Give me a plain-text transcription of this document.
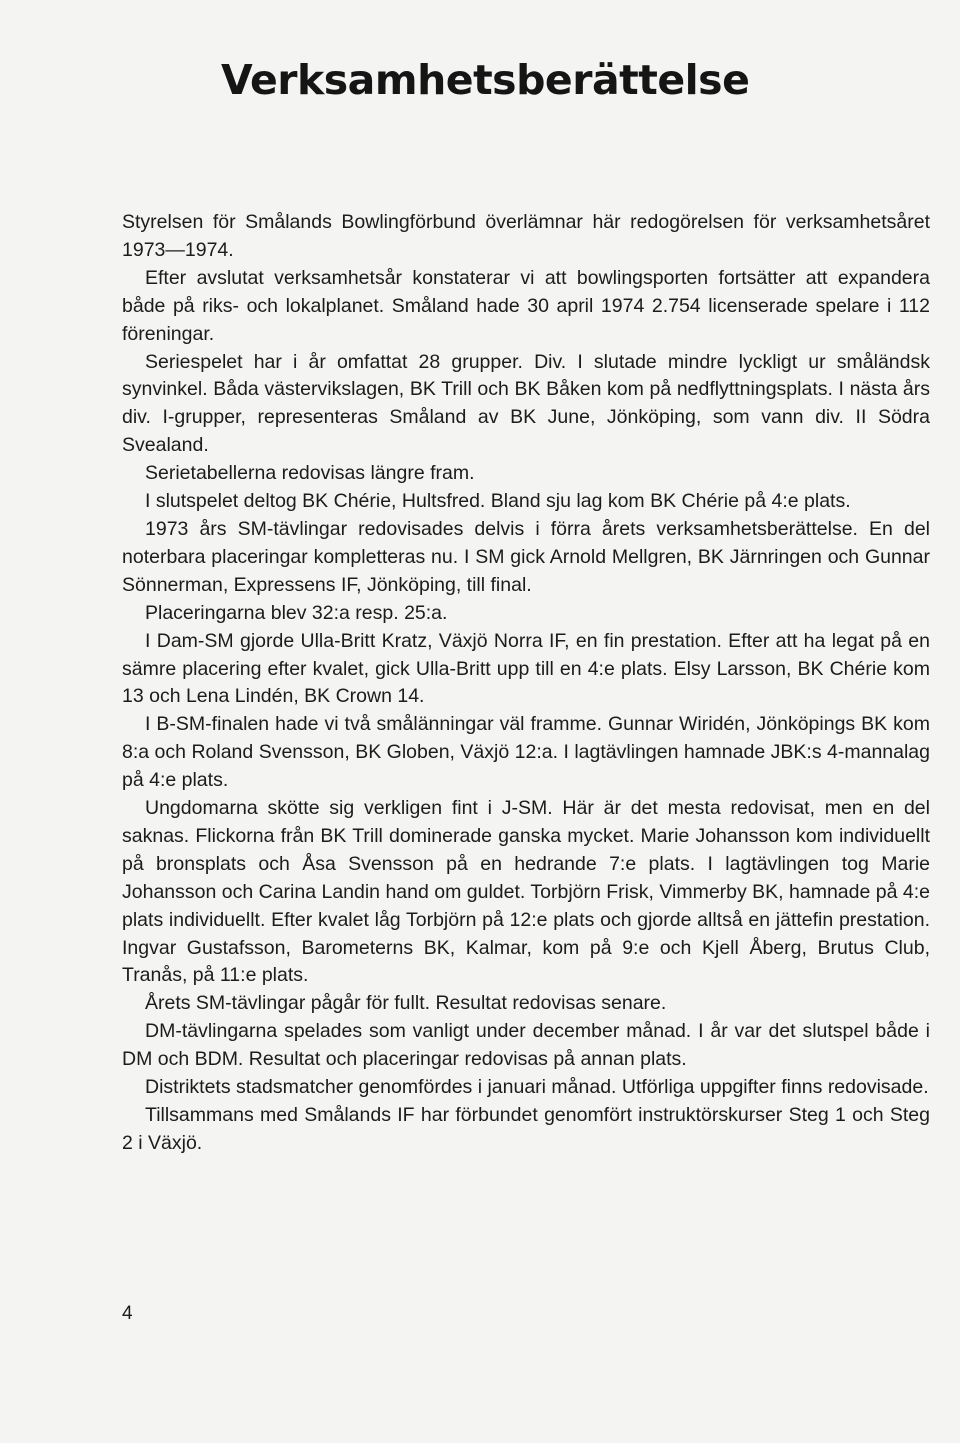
Verksamhetsberättelse

Styrelsen för Smålands Bowlingförbund överlämnar här redogörelsen för verksamhetsåret 1973—1974.

Efter avslutat verksamhetsår konstaterar vi att bowlingsporten fortsätter att expandera både på riks- och lokalplanet. Småland hade 30 april 1974 2.754 licenserade spelare i 112 föreningar.

Seriespelet har i år omfattat 28 grupper. Div. I slutade mindre lyckligt ur småländsk synvinkel. Båda västervikslagen, BK Trill och BK Båken kom på nedflyttningsplats. I nästa års div. I-grupper, representeras Småland av BK June, Jönköping, som vann div. II Södra Svealand.

Serietabellerna redovisas längre fram.

I slutspelet deltog BK Chérie, Hultsfred. Bland sju lag kom BK Chérie på 4:e plats.

1973 års SM-tävlingar redovisades delvis i förra årets verksamhetsberättelse. En del noterbara placeringar kompletteras nu. I SM gick Arnold Mellgren, BK Järnringen och Gunnar Sönnerman, Expressens IF, Jönköping, till final.

Placeringarna blev 32:a resp. 25:a.

I Dam-SM gjorde Ulla-Britt Kratz, Växjö Norra IF, en fin prestation. Efter att ha legat på en sämre placering efter kvalet, gick Ulla-Britt upp till en 4:e plats. Elsy Larsson, BK Chérie kom 13 och Lena Lindén, BK Crown 14.

I B-SM-finalen hade vi två smålänningar väl framme. Gunnar Wiridén, Jönköpings BK kom 8:a och Roland Svensson, BK Globen, Växjö 12:a. I lagtävlingen hamnade JBK:s 4-mannalag på 4:e plats.

Ungdomarna skötte sig verkligen fint i J-SM. Här är det mesta redovisat, men en del saknas. Flickorna från BK Trill dominerade ganska mycket. Marie Johansson kom individuellt på bronsplats och Åsa Svensson på en hedrande 7:e plats. I lagtävlingen tog Marie Johansson och Carina Landin hand om guldet. Torbjörn Frisk, Vimmerby BK, hamnade på 4:e plats individuellt. Efter kvalet låg Torbjörn på 12:e plats och gjorde alltså en jättefin prestation. Ingvar Gustafsson, Barometerns BK, Kalmar, kom på 9:e och Kjell Åberg, Brutus Club, Tranås, på 11:e plats.

Årets SM-tävlingar pågår för fullt. Resultat redovisas senare.

DM-tävlingarna spelades som vanligt under december månad. I år var det slutspel både i DM och BDM. Resultat och placeringar redovisas på annan plats.

Distriktets stadsmatcher genomfördes i januari månad. Utförliga uppgifter finns redovisade.

Tillsammans med Smålands IF har förbundet genomfört instruktörskurser Steg 1 och Steg 2 i Växjö.

4
